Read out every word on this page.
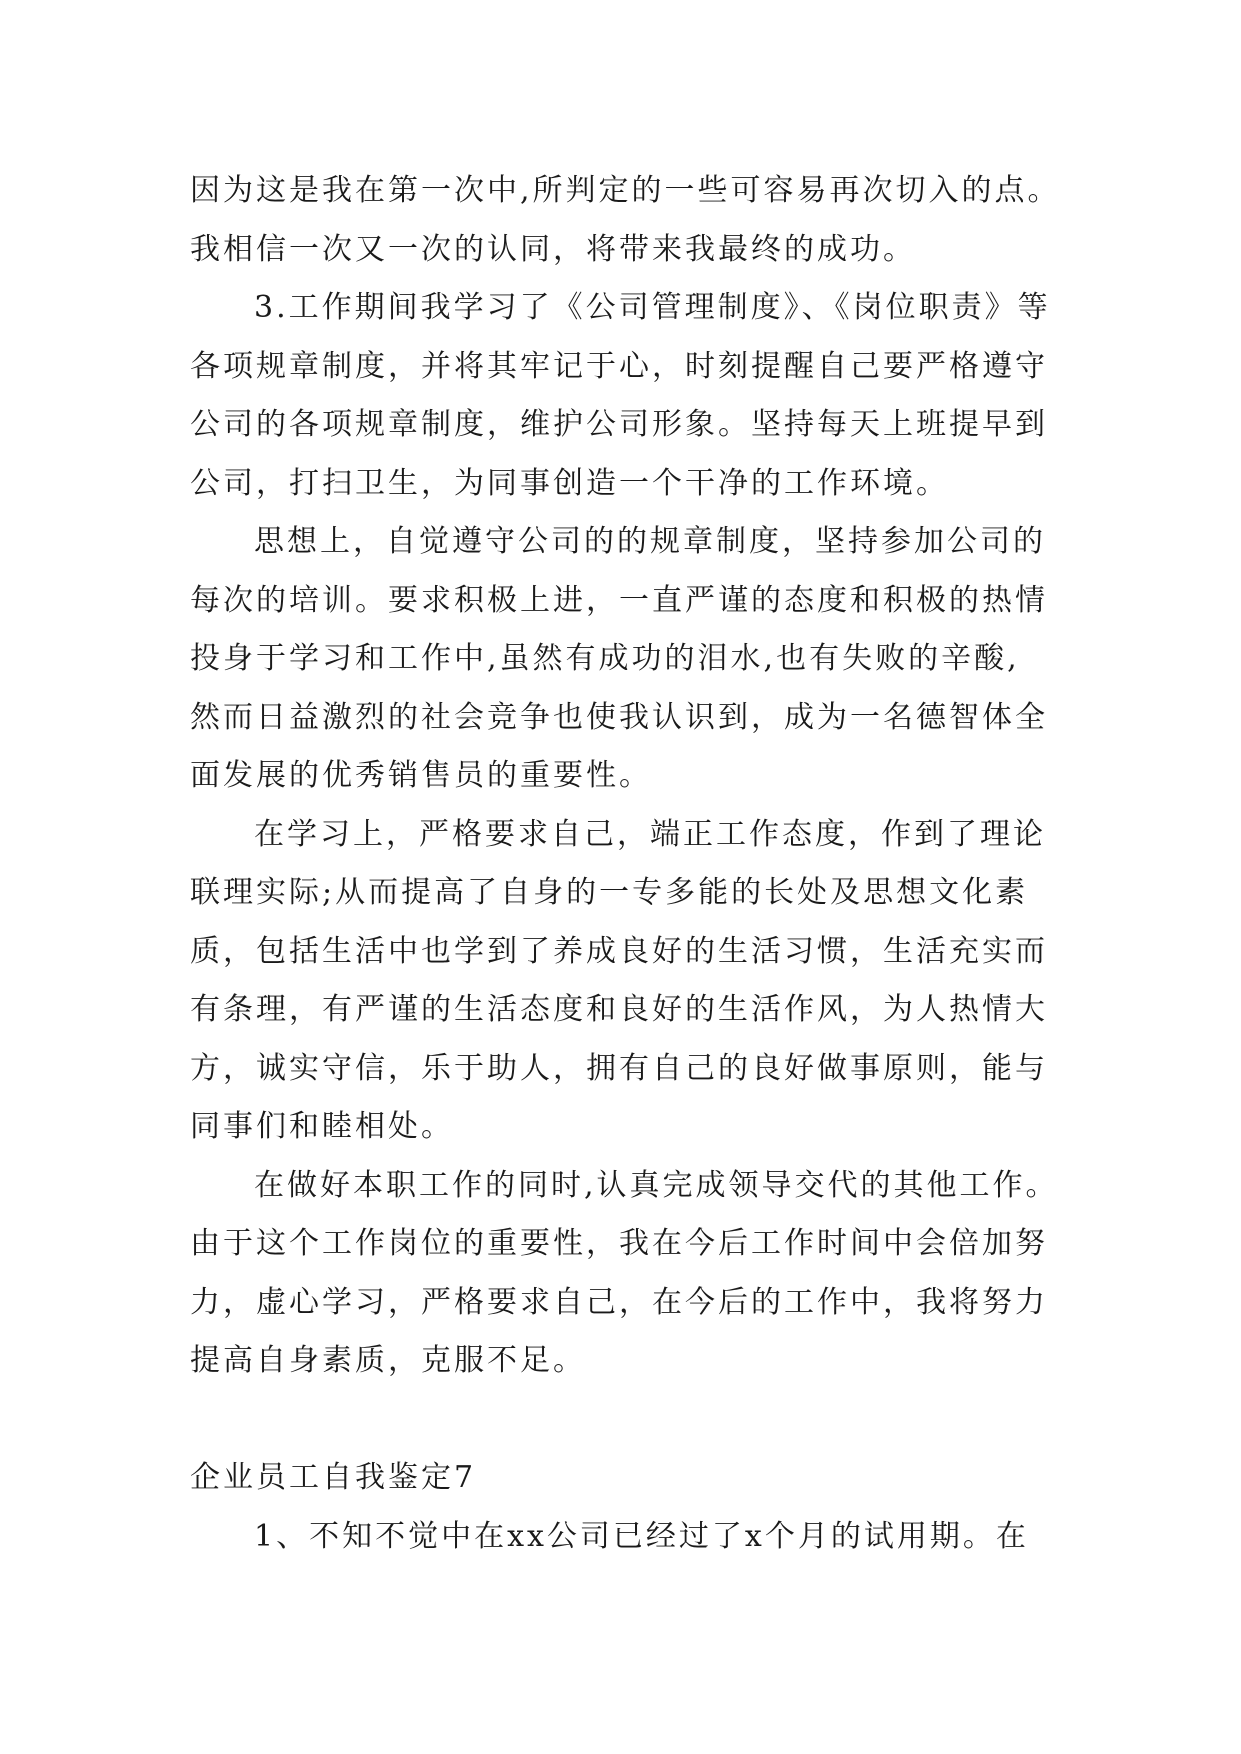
因为这是我在第一次中,所判定的一些可容易再次切入的点。

我相信一次又一次的认同，将带来我最终的成功。

3.工作期间我学习了《公司管理制度》、《岗位职责》等

各项规章制度，并将其牢记于心，时刻提醒自己要严格遵守

公司的各项规章制度，维护公司形象。坚持每天上班提早到

公司，打扫卫生，为同事创造一个干净的工作环境。

思想上，自觉遵守公司的的规章制度，坚持参加公司的

每次的培训。要求积极上进，一直严谨的态度和积极的热情

投身于学习和工作中,虽然有成功的泪水,也有失败的辛酸,

然而日益激烈的社会竞争也使我认识到，成为一名德智体全

面发展的优秀销售员的重要性。

在学习上，严格要求自己，端正工作态度，作到了理论

联理实际;从而提高了自身的一专多能的长处及思想文化素

质，包括生活中也学到了养成良好的生活习惯，生活充实而

有条理，有严谨的生活态度和良好的生活作风，为人热情大

方，诚实守信，乐于助人，拥有自己的良好做事原则，能与

同事们和睦相处。

在做好本职工作的同时,认真完成领导交代的其他工作。

由于这个工作岗位的重要性，我在今后工作时间中会倍加努

力，虚心学习，严格要求自己，在今后的工作中，我将努力

提高自身素质，克服不足。

企业员工自我鉴定7

1、不知不觉中在xx公司已经过了x个月的试用期。在
